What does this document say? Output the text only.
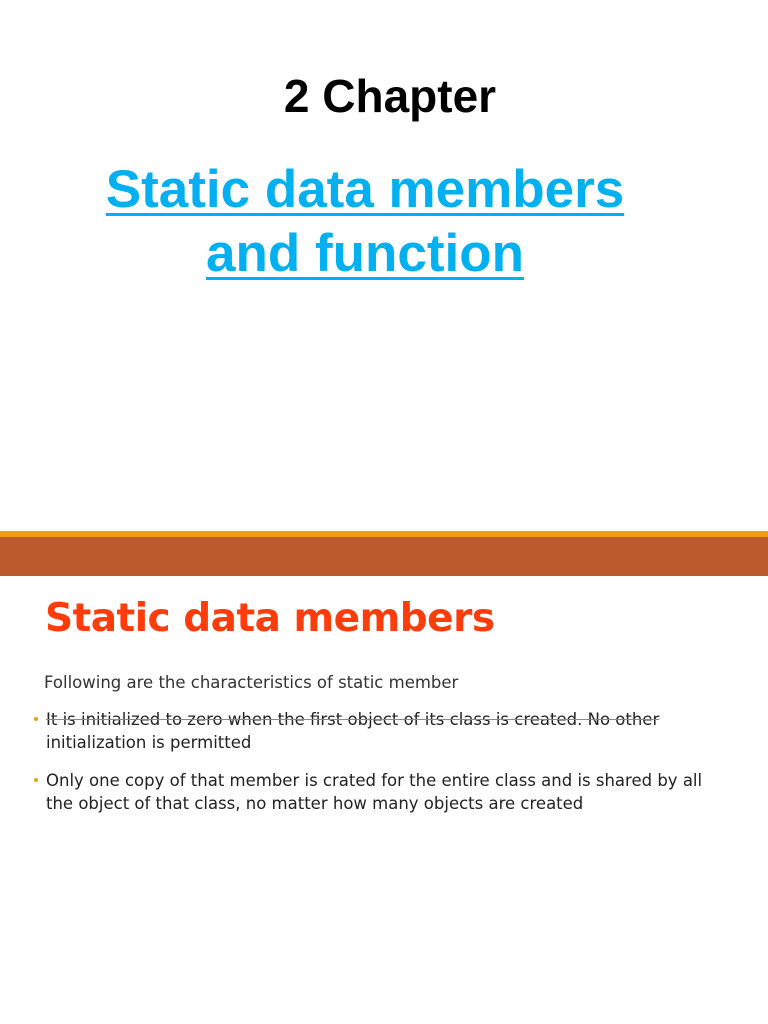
2 Chapter
Static data members
and function
Static data members

Following are the characteristics of static member

It is initialized to zero when the first object of its class is created. No other
initialization is permitted
Only one copy of that member is crated for the entire class and is shared by all
the object of that class, no matter how many objects are created
